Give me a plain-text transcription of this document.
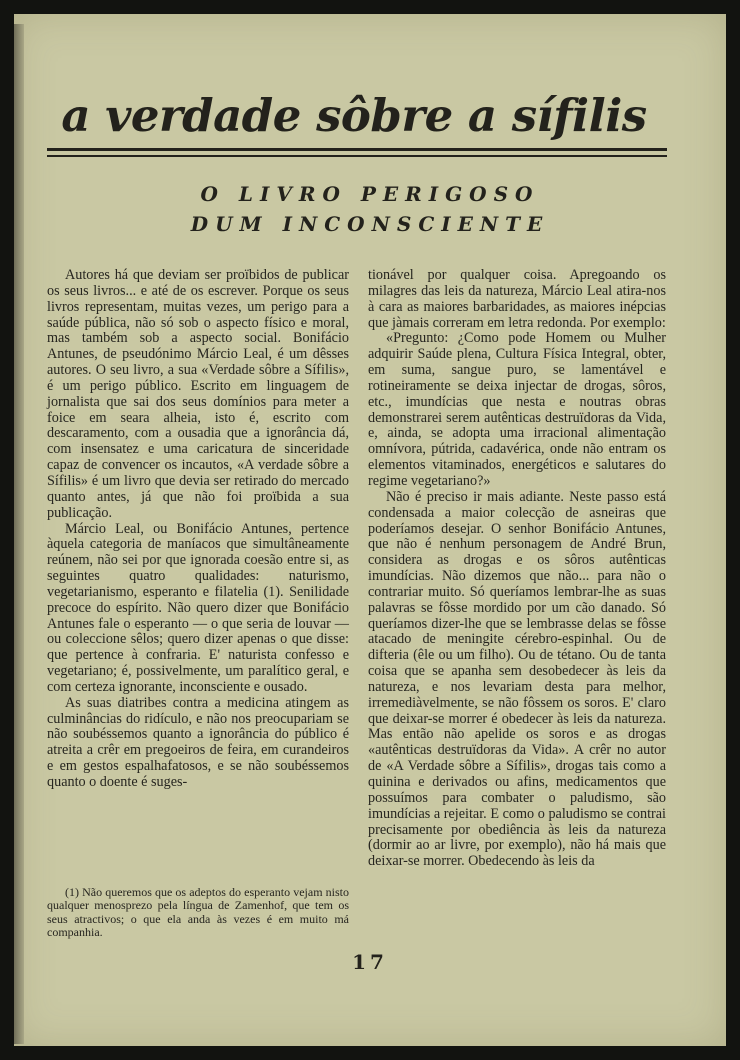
a verdade sôbre a sífilis
O LIVRO PERIGOSO
DUM INCONSCIENTE

Autores há que deviam ser proïbidos de publicar os seus livros... e até de os escrever. Porque os seus livros representam, muitas vezes, um perigo para a saúde pública, não só sob o aspecto físico e moral, mas também sob a aspecto social. Bonifácio Antunes, de pseudónimo Márcio Leal, é um dêsses autores. O seu livro, a sua «Verdade sôbre a Sífilis», é um perigo público. Escrito em linguagem de jornalista que sai dos seus domínios para meter a foice em seara alheia, isto é, escrito com descaramento, com a ousadia que a ignorância dá, com insensatez e uma caricatura de sinceridade capaz de convencer os incautos, «A verdade sôbre a Sífilis» é um livro que devia ser retirado do mercado quanto antes, já que não foi proïbida a sua publicação.

Márcio Leal, ou Bonifácio Antunes, pertence àquela categoria de maníacos que simultâneamente reúnem, não sei por que ignorada coesão entre si, as seguintes quatro qualidades: naturismo, vegetarianismo, esperanto e filatelia (1). Senilidade precoce do espírito. Não quero dizer que Bonifácio Antunes fale o esperanto — o que seria de louvar — ou coleccione sêlos; quero dizer apenas o que disse: que pertence à confraria. E' naturista confesso e vegetariano; é, possivelmente, um paralítico geral, e com certeza ignorante, inconsciente e ousado.

As suas diatribes contra a medicina atingem as culminâncias do ridículo, e não nos preocupariam se não soubéssemos quanto a ignorância do público é atreita a crêr em pregoeiros de feira, em curandeiros e em gestos espalhafatosos, e se não soubéssemos quanto o doente é suges-

(1) Não queremos que os adeptos do esperanto vejam nisto qualquer menosprezo pela língua de Zamenhof, que tem os seus atractivos; o que ela anda às vezes é em muito má companhia.

tionável por qualquer coisa. Apregoando os milagres das leis da natureza, Márcio Leal atira-nos à cara as maiores barbaridades, as maiores inépcias que jàmais correram em letra redonda. Por exemplo:

«Pregunto: ¿Como pode Homem ou Mulher adquirir Saúde plena, Cultura Física Integral, obter, em suma, sangue puro, se lamentável e rotineiramente se deixa injectar de drogas, sôros, etc., imundícias que nesta e noutras obras demonstrarei serem autênticas destruïdoras da Vida, e, ainda, se adopta uma irracional alimentação omnívora, pútrida, cadavérica, onde não entram os elementos vitaminados, energéticos e salutares do regime vegetariano?»

Não é preciso ir mais adiante. Neste passo está condensada a maior colecção de asneiras que poderíamos desejar. O senhor Bonifácio Antunes, que não é nenhum personagem de André Brun, considera as drogas e os sôros autênticas imundícias. Não dizemos que não... para não o contrariar muito. Só queríamos lembrar-lhe as suas palavras se fôsse mordido por um cão danado. Só queríamos dizer-lhe que se lembrasse delas se fôsse atacado de meningite cérebro-espinhal. Ou de difteria (êle ou um filho). Ou de tétano. Ou de tanta coisa que se apanha sem desobedecer às leis da natureza, e nos levariam desta para melhor, irremediàvelmente, se não fôssem os soros. E' claro que deixar-se morrer é obedecer às leis da natureza. Mas então não apelide os soros e as drogas «autênticas destruïdoras da Vida». A crêr no autor de «A Verdade sôbre a Sífilis», drogas tais como a quinina e derivados ou afins, medicamentos que possuímos para combater o paludismo, são imundícias a rejeitar. E como o paludismo se contrai precisamente por obediência às leis da natureza (dormir ao ar livre, por exemplo), não há mais que deixar-se morrer. Obedecendo às leis da

17
